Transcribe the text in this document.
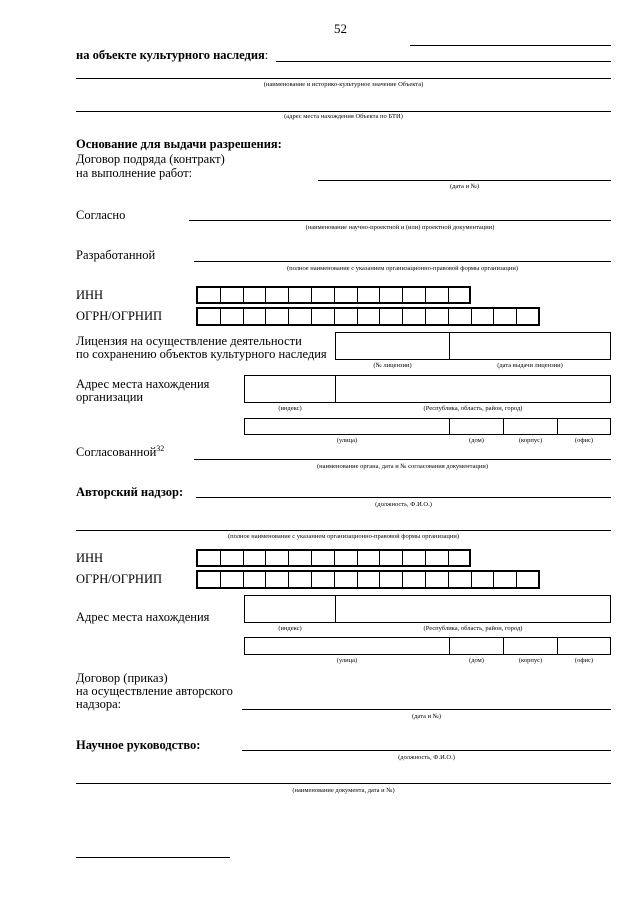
52
на объекте культурного наследия:
(наименование и историко-культурное значение Объекта)
(адрес места нахождения Объекта по БТИ)
Основание для выдачи разрешения:
Договор подряда (контракт)
на выполнение работ:
(дата и №)
Согласно
(наименование научно-проектной и (или) проектной документации)
Разработанной
(полное наименование с указанием организационно-правовой формы организации)
ИНН
ОГРН/ОГРНИП
Лицензия на осуществление деятельности
по сохранению объектов культурного наследия
(№ лицензии)	(дата выдачи лицензии)
Адрес места нахождения
организации
(индекс)	(Республика, область, район, город)
(улица)	(дом)	(корпус)	(офис)
Согласованной$^{32}$
(наименование органа, дата и № согласования документации)
Авторский надзор:
(должность, Ф.И.О.)
(полное наименование с указанием организационно-правовой формы организации)
ИНН
ОГРН/ОГРНИП
Адрес места нахождения
(индекс)	(Республика, область, район, город)
(улица)	(дом)	(корпус)	(офис)
Договор (приказ)
на осуществление авторского
надзора:
(дата и №)
Научное руководство:
(должность, Ф.И.О.)
(наименование документа, дата и №)
